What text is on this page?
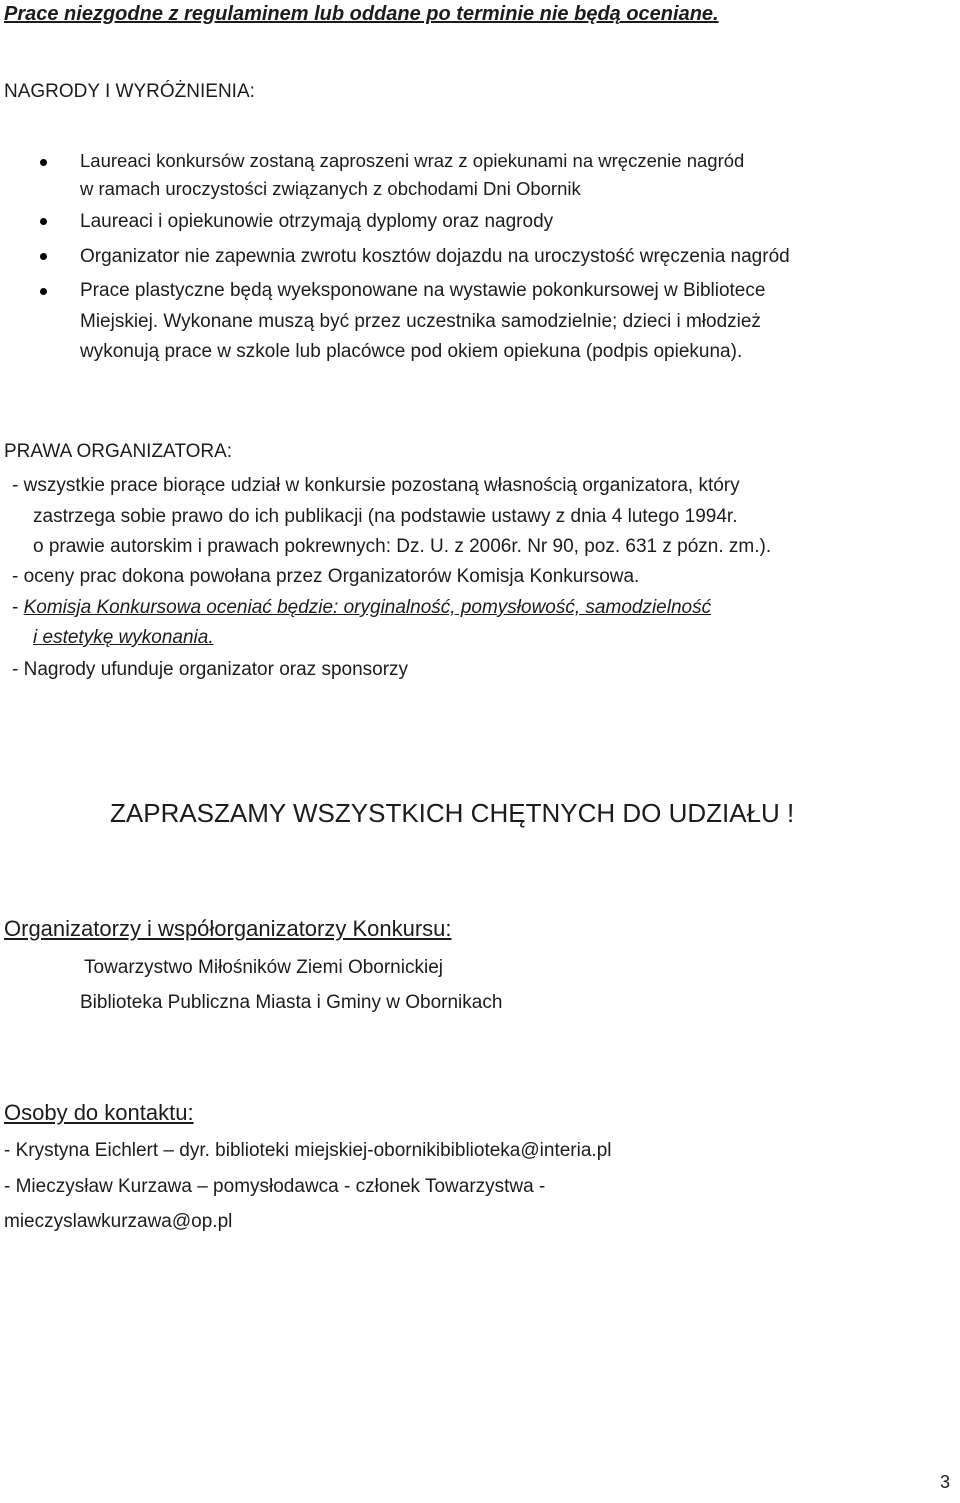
Prace niezgodne z regulaminem lub oddane po terminie nie będą oceniane.
NAGRODY I WYRÓŻNIENIA:
Laureaci konkursów zostaną zaproszeni wraz z opiekunami na wręczenie nagród
w ramach uroczystości związanych z obchodami Dni Obornik
Laureaci i opiekunowie otrzymają dyplomy oraz nagrody
Organizator nie zapewnia zwrotu kosztów dojazdu na uroczystość wręczenia nagród
Prace plastyczne będą wyeksponowane na wystawie pokonkursowej w Bibliotece
Miejskiej. Wykonane muszą być przez uczestnika samodzielnie; dzieci i młodzież
wykonują prace w szkole lub placówce pod okiem opiekuna (podpis opiekuna).
PRAWA ORGANIZATORA:
- wszystkie prace biorące udział w konkursie pozostaną własnością organizatora, który
zastrzega sobie prawo do ich publikacji (na podstawie ustawy z dnia 4 lutego 1994r.
o prawie autorskim i prawach pokrewnych: Dz. U. z 2006r. Nr 90, poz. 631 z pózn. zm.).
- oceny prac dokona powołana przez Organizatorów Komisja Konkursowa.
- Komisja Konkursowa oceniać będzie: oryginalność, pomysłowość, samodzielność
i estetykę wykonania.
- Nagrody ufunduje organizator oraz sponsorzy
ZAPRASZAMY WSZYSTKICH CHĘTNYCH DO UDZIAŁU !
Organizatorzy i współorganizatorzy Konkursu:
Towarzystwo Miłośników Ziemi Obornickiej
Biblioteka Publiczna Miasta i Gminy w Obornikach
Osoby do kontaktu:
- Krystyna Eichlert – dyr. biblioteki miejskiej-obornikibiblioteka@interia.pl
- Mieczysław Kurzawa – pomysłodawca - członek Towarzystwa -
mieczyslawkurzawa@op.pl
3
